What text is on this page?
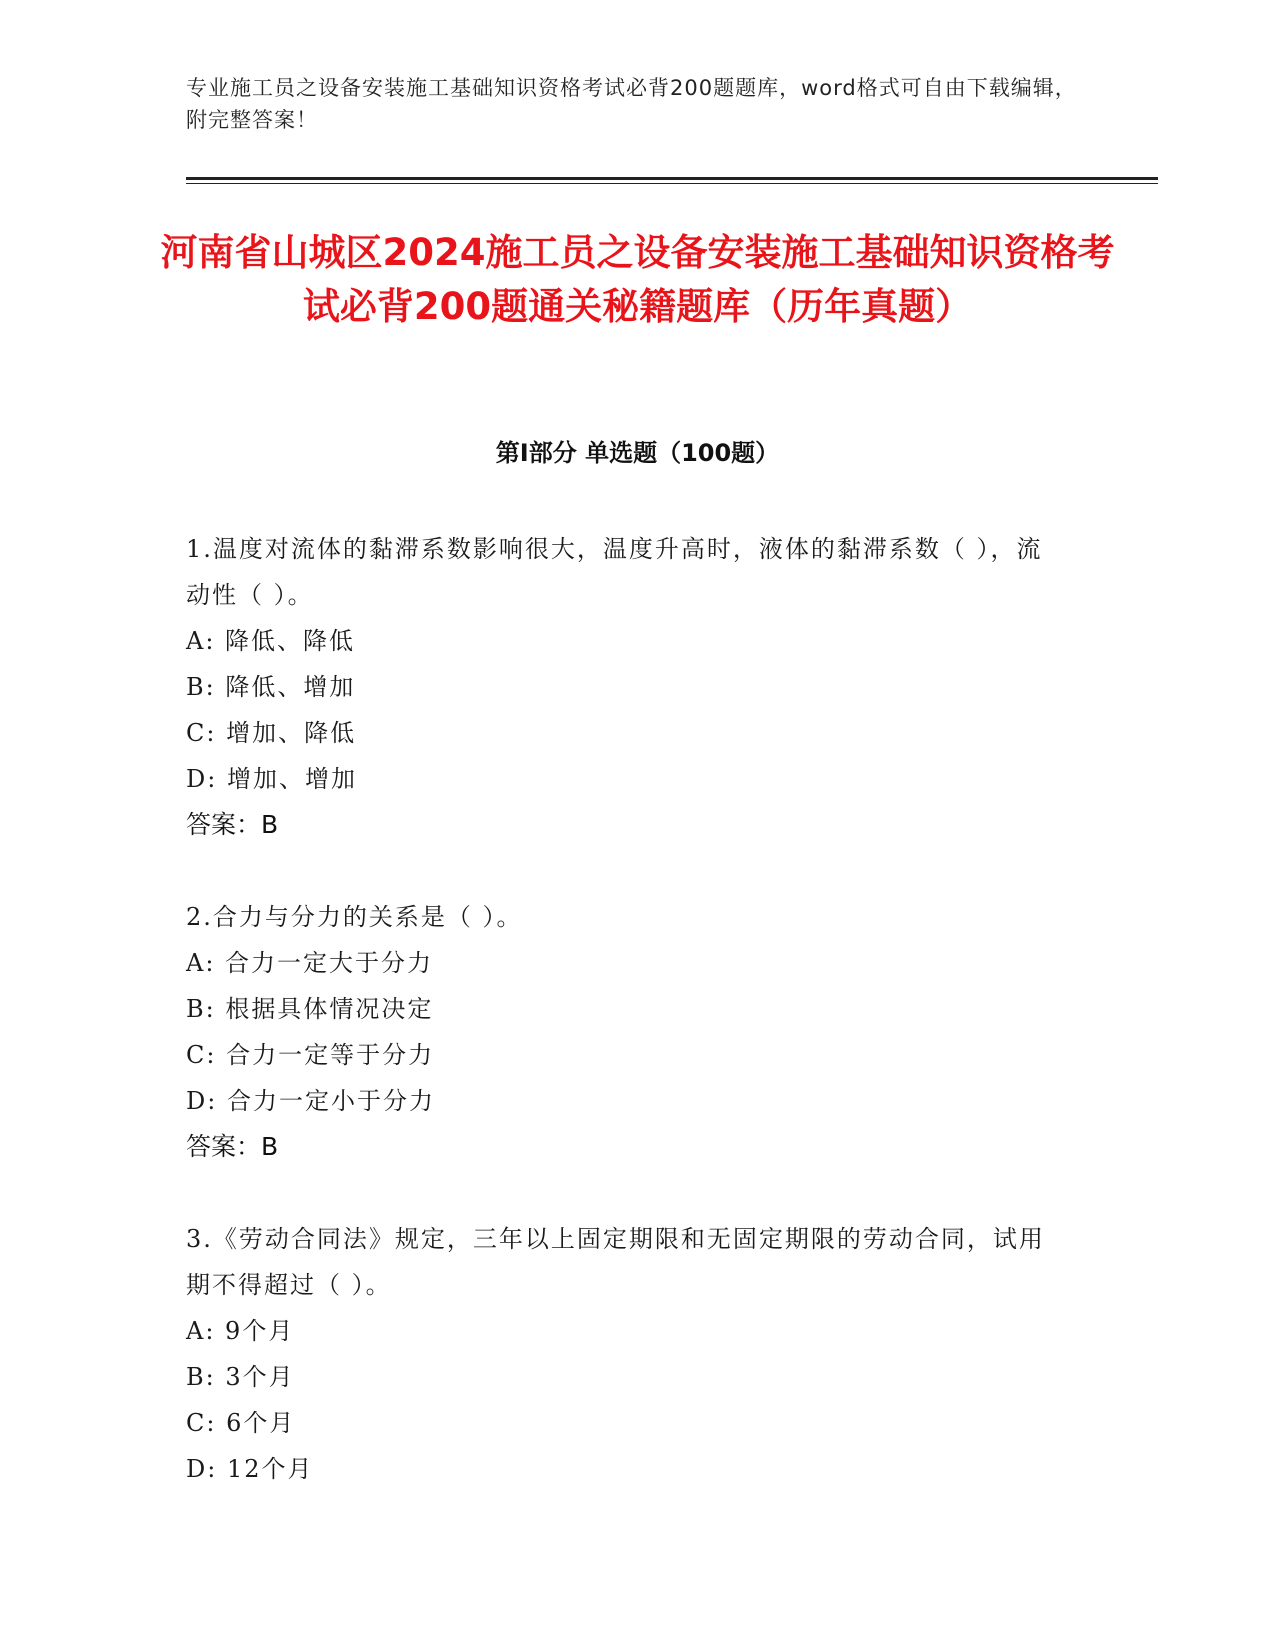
专业施工员之设备安装施工基础知识资格考试必背200题题库，word格式可自由下载编辑，附完整答案！
河南省山城区2024施工员之设备安装施工基础知识资格考试必背200题通关秘籍题库（历年真题）
第Ⅰ部分 单选题（100题）

1.温度对流体的黏滞系数影响很大，温度升高时，液体的黏滞系数（ ），流动性（ ）。

A: 降低、降低

B: 降低、增加

C: 增加、降低

D: 增加、增加

答案：B

2.合力与分力的关系是（ ）。

A: 合力一定大于分力

B: 根据具体情况决定

C: 合力一定等于分力

D: 合力一定小于分力

答案：B

3.《劳动合同法》规定，三年以上固定期限和无固定期限的劳动合同，试用期不得超过（ ）。

A: 9个月

B: 3个月

C: 6个月

D: 12个月
